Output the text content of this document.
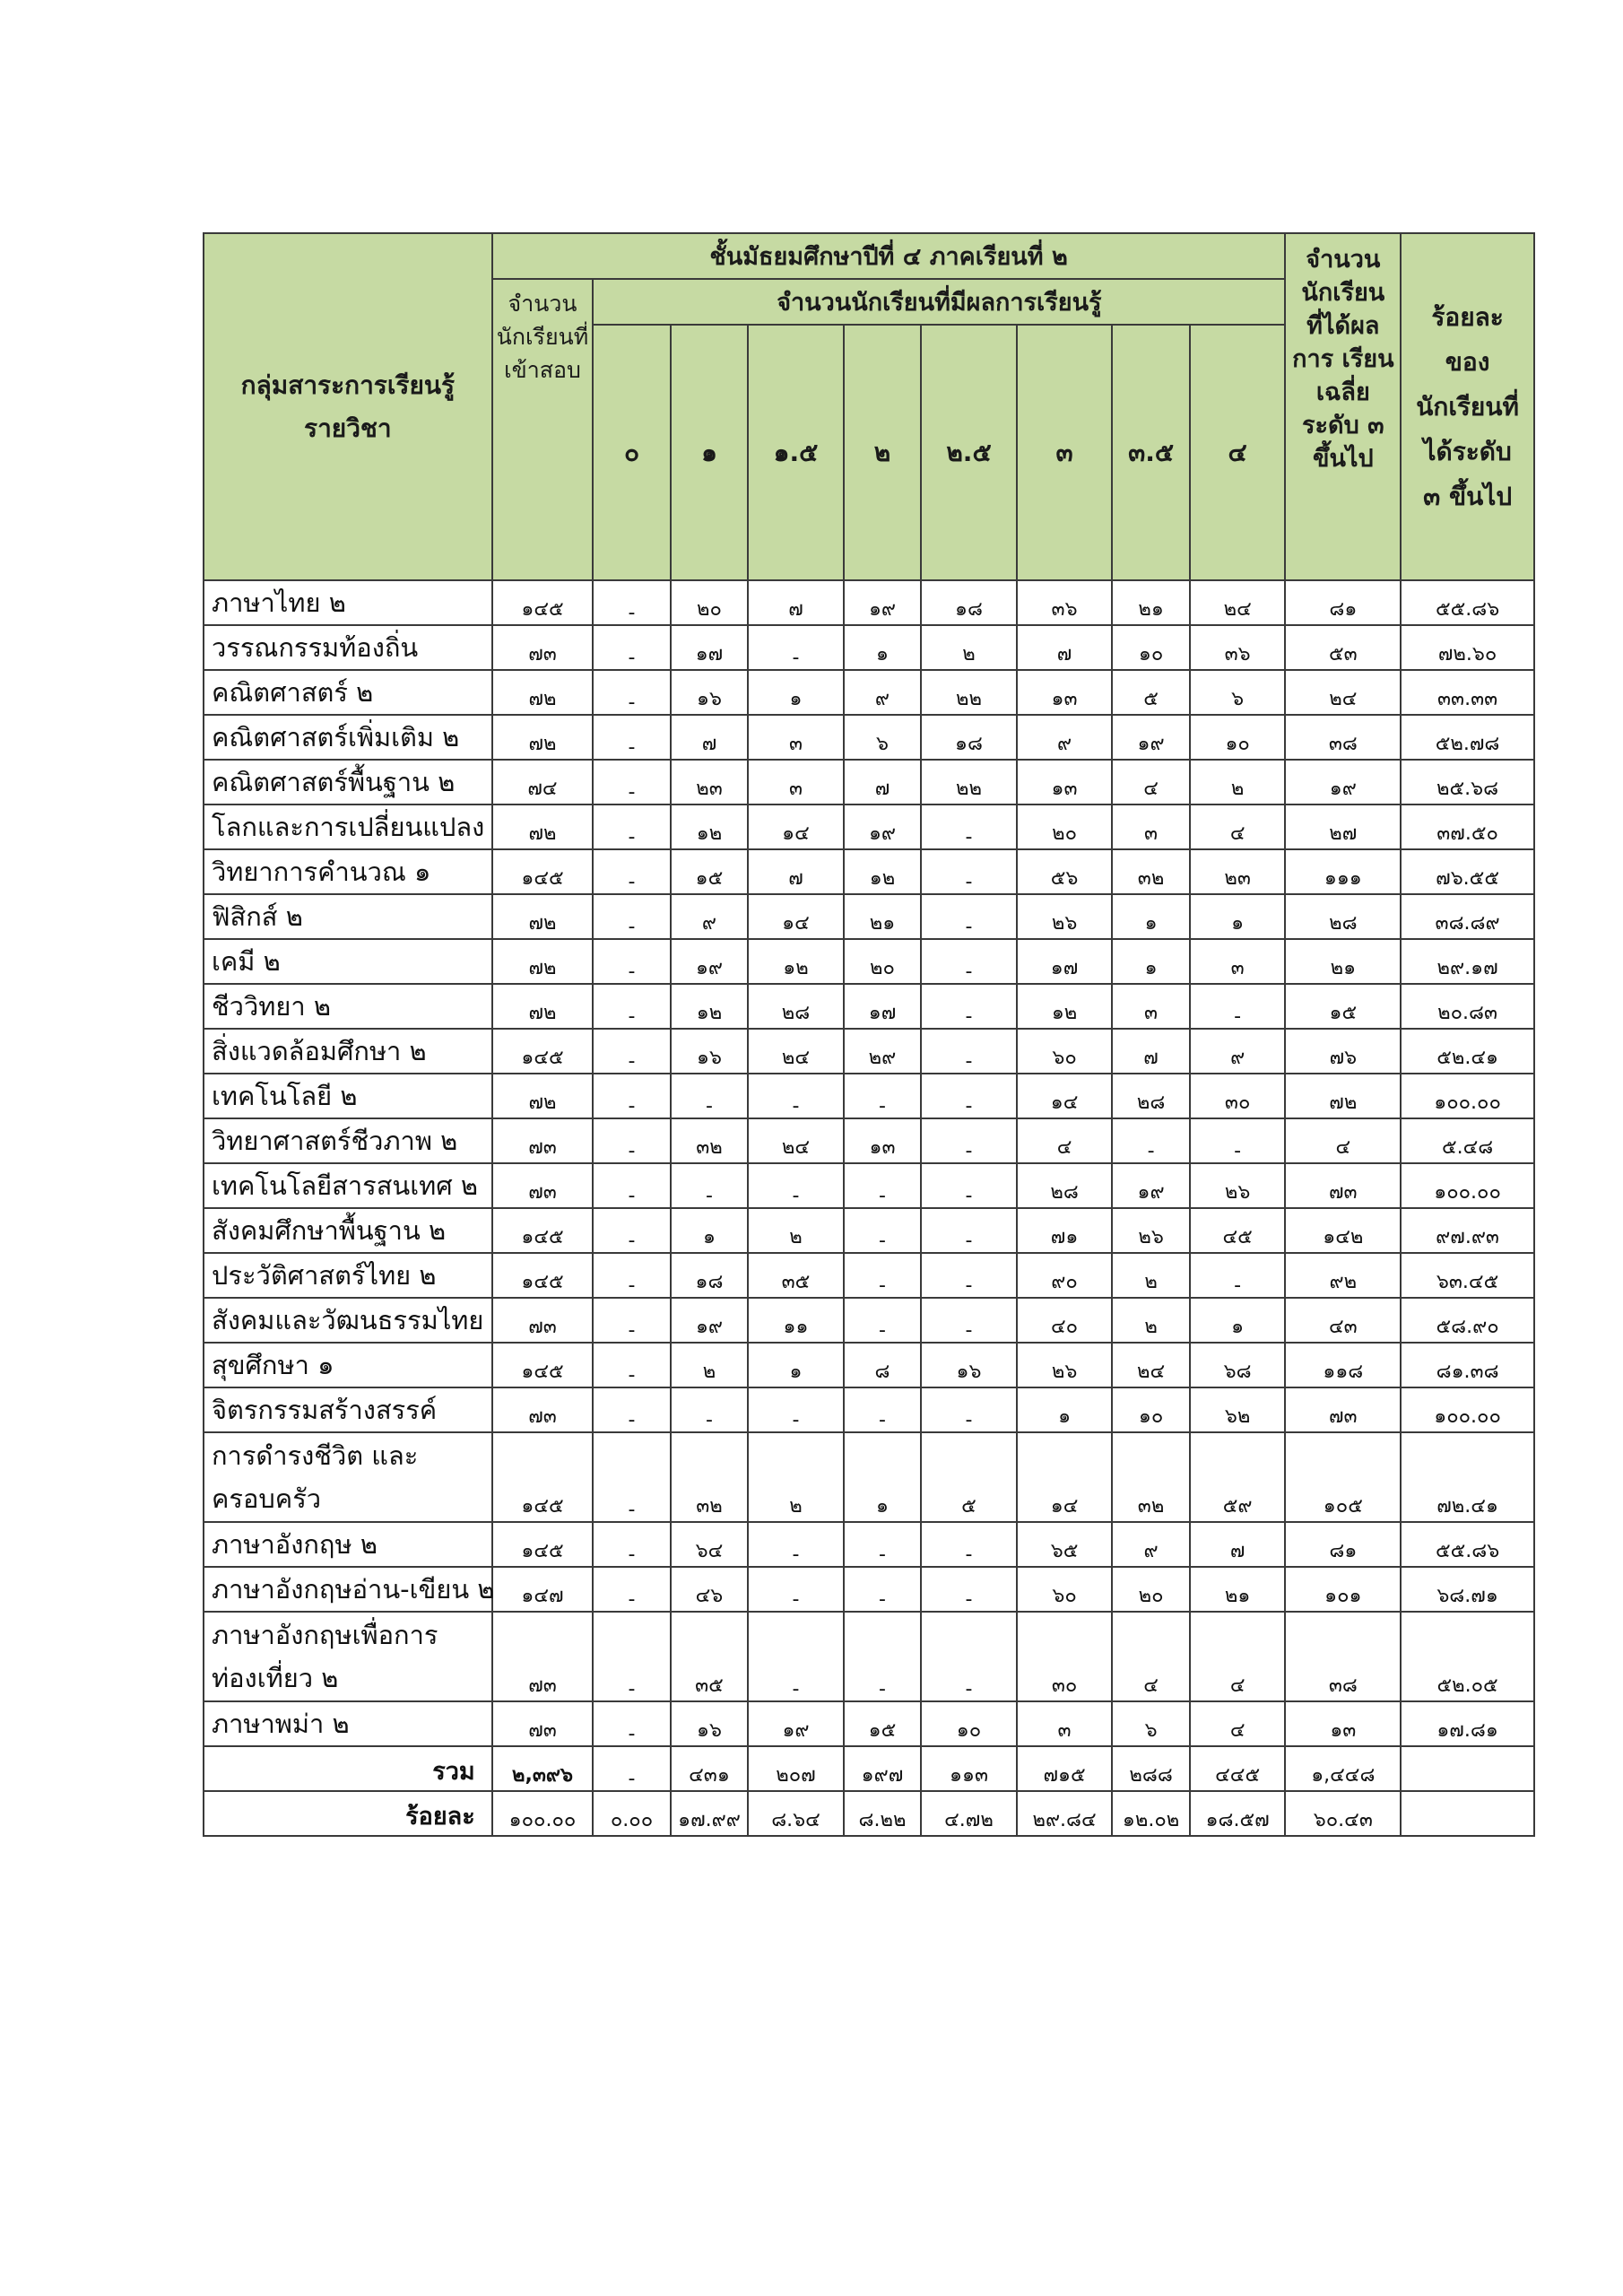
กลุ่มสาระการเรียนรู้ รายวิชา	ชั้นมัธยมศึกษาปีที่ ๔ ภาคเรียนที่ ๒									จำนวน นักเรียน ที่ได้ผล การ เรียน เฉลี่ย ระดับ ๓ ขึ้นไป	ร้อยละ ของ นักเรียนที่ ได้ระดับ ๓ ขึ้นไป
	จำนวน นักเรียนที่ เข้าสอบ	จำนวนนักเรียนที่มีผลการเรียนรู้									
		๐	๑	๑.๕	๒	๒.๕	๓	๓.๕	๔		
ภาษาไทย ๒	๑๔๕	-	๒๐	๗	๑๙	๑๘	๓๖	๒๑	๒๔	๘๑	๕๕.๘๖
วรรณกรรมท้องถิ่น	๗๓	-	๑๗	-	๑	๒	๗	๑๐	๓๖	๕๓	๗๒.๖๐
คณิตศาสตร์ ๒	๗๒	-	๑๖	๑	๙	๒๒	๑๓	๕	๖	๒๔	๓๓.๓๓
คณิตศาสตร์เพิ่มเติม ๒	๗๒	-	๗	๓	๖	๑๘	๙	๑๙	๑๐	๓๘	๕๒.๗๘
คณิตศาสตร์พื้นฐาน ๒	๗๔	-	๒๓	๓	๗	๒๒	๑๓	๔	๒	๑๙	๒๕.๖๘
โลกและการเปลี่ยนแปลง	๗๒	-	๑๒	๑๔	๑๙	-	๒๐	๓	๔	๒๗	๓๗.๕๐
วิทยาการคำนวณ ๑	๑๔๕	-	๑๕	๗	๑๒	-	๕๖	๓๒	๒๓	๑๑๑	๗๖.๕๕
ฟิสิกส์ ๒	๗๒	-	๙	๑๔	๒๑	-	๒๖	๑	๑	๒๘	๓๘.๘๙
เคมี ๒	๗๒	-	๑๙	๑๒	๒๐	-	๑๗	๑	๓	๒๑	๒๙.๑๗
ชีววิทยา ๒	๗๒	-	๑๒	๒๘	๑๗	-	๑๒	๓	-	๑๕	๒๐.๘๓
สิ่งแวดล้อมศึกษา ๒	๑๔๕	-	๑๖	๒๔	๒๙	-	๖๐	๗	๙	๗๖	๕๒.๔๑
เทคโนโลยี ๒	๗๒	-	-	-	-	-	๑๔	๒๘	๓๐	๗๒	๑๐๐.๐๐
วิทยาศาสตร์ชีวภาพ ๒	๗๓	-	๓๒	๒๔	๑๓	-	๔	-	-	๔	๕.๔๘
เทคโนโลยีสารสนเทศ ๒	๗๓	-	-	-	-	-	๒๘	๑๙	๒๖	๗๓	๑๐๐.๐๐
สังคมศึกษาพื้นฐาน ๒	๑๔๕	-	๑	๒	-	-	๗๑	๒๖	๔๕	๑๔๒	๙๗.๙๓
ประวัติศาสตร์ไทย ๒	๑๔๕	-	๑๘	๓๕	-	-	๙๐	๒	-	๙๒	๖๓.๔๕
สังคมและวัฒนธรรมไทย	๗๓	-	๑๙	๑๑	-	-	๔๐	๒	๑	๔๓	๕๘.๙๐
สุขศึกษา ๑	๑๔๕	-	๒	๑	๘	๑๖	๒๖	๒๔	๖๘	๑๑๘	๘๑.๓๘
จิตรกรรมสร้างสรรค์	๗๓	-	-	-	-	-	๑	๑๐	๖๒	๗๓	๑๐๐.๐๐
การดำรงชีวิต และ ครอบครัว	๑๔๕	-	๓๒	๒	๑	๕	๑๔	๓๒	๕๙	๑๐๕	๗๒.๔๑
ภาษาอังกฤษ ๒	๑๔๕	-	๖๔	-	-	-	๖๕	๙	๗	๘๑	๕๕.๘๖
ภาษาอังกฤษอ่าน-เขียน ๒	๑๔๗	-	๔๖	-	-	-	๖๐	๒๐	๒๑	๑๐๑	๖๘.๗๑
ภาษาอังกฤษเพื่อการ ท่องเที่ยว ๒	๗๓	-	๓๕	-	-	-	๓๐	๔	๔	๓๘	๕๒.๐๕
ภาษาพม่า ๒	๗๓	-	๑๖	๑๙	๑๕	๑๐	๓	๖	๔	๑๓	๑๗.๘๑
รวม	๒,๓๙๖	-	๔๓๑	๒๐๗	๑๙๗	๑๑๓	๗๑๕	๒๘๘	๔๔๕	๑,๔๔๘	
ร้อยละ	๑๐๐.๐๐	๐.๐๐	๑๗.๙๙	๘.๖๔	๘.๒๒	๔.๗๒	๒๙.๘๔	๑๒.๐๒	๑๘.๕๗	๖๐.๔๓	
